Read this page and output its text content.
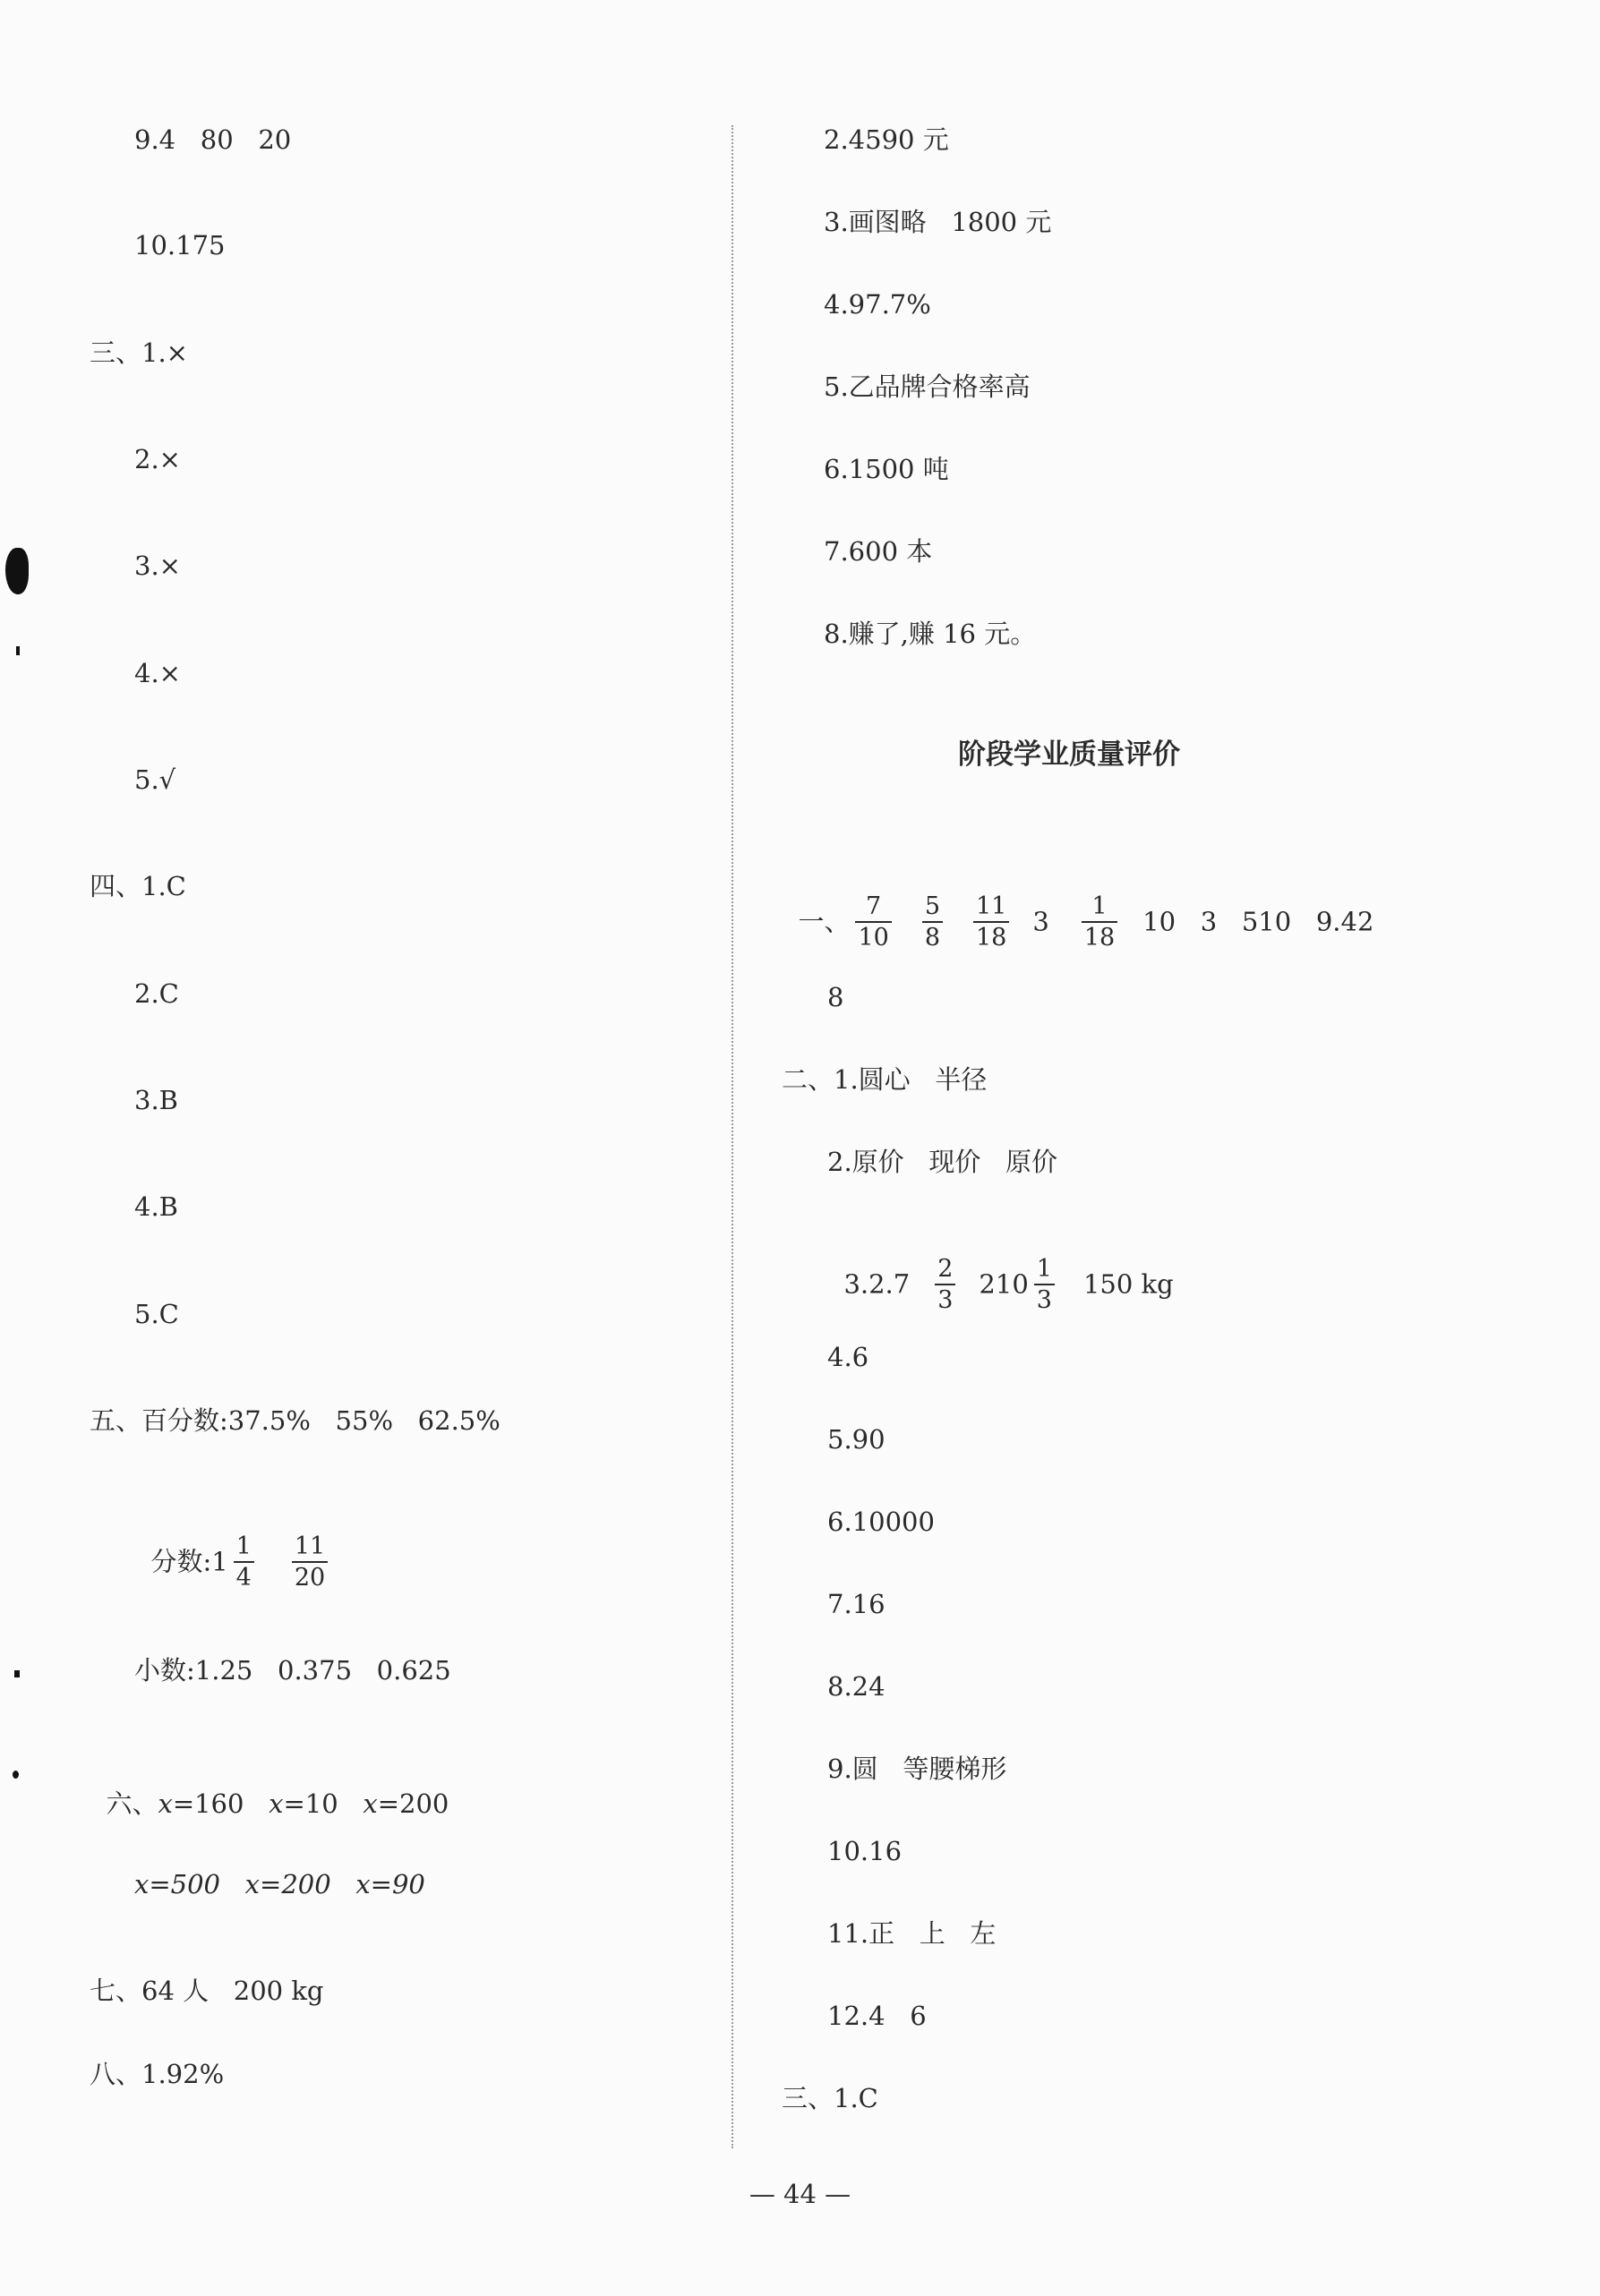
9.4   80   20
10.175
三、1.×
2.×
3.×
4.×
5.√
四、1.C
2.C
3.B
4.B
5.C
五、百分数:37.5%   55%   62.5%

分数:1 $\frac{1}{4} \frac{11}{20}$

小数:1.25   0.375   0.625

六、x=160 x=10 x=200

x=500   x=200   x=90
七、64 人   200 kg
八、1.92%
2.4590 元
3.画图略   1800 元
4.97.7%
5.乙品牌合格率高
6.1500 吨
7.600 本
8.赚了,赚 16 元。
阶段学业质量评价

一、 $\frac{7}{10} \frac{5}{8} \frac{11}{18} 3 \frac{1}{18} 10$   3   510   9.42

8
二、1.圆心   半径
2.原价   现价   原价

$3.2.7 \frac{2}{3} 210 \frac{1}{3} 150$ kg

4.6
5.90
6.10000
7.16
8.24
9.圆   等腰梯形
10.16
11.正   上   左
12.4   6
三、1.C
— 44 —
